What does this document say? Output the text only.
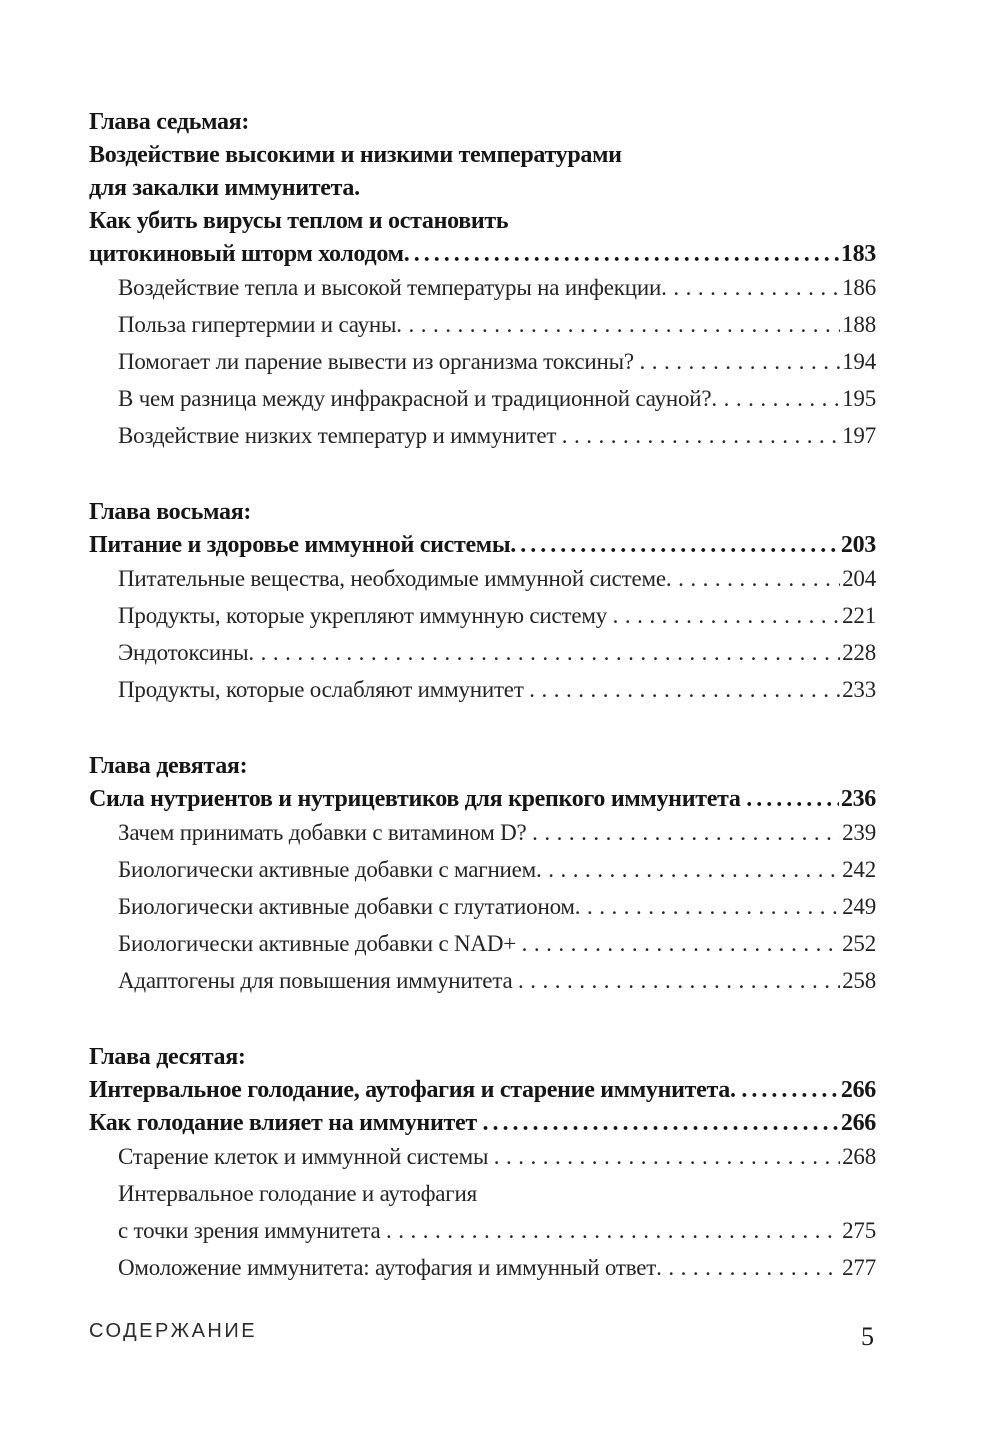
Глава седьмая:
Воздействие высокими и низкими температурами
для закалки иммунитета.
Как убить вирусы теплом и остановить
цитокиновый шторм холодом .....	183
Воздействие тепла и высокой температуры на инфекции .....	186
Польза гипертермии и сауны .....	188
Помогает ли парение вывести из организма токсины? .....	194
В чем разница между инфракрасной и традиционной сауной? .....	195
Воздействие низких температур и иммунитет .....	197
Глава восьмая:
Питание и здоровье иммунной системы .....	203
Питательные вещества, необходимые иммунной системе .....	204
Продукты, которые укрепляют иммунную систему .....	221
Эндотоксины .....	228
Продукты, которые ослабляют иммунитет .....	233
Глава девятая:
Сила нутриентов и нутрицевтиков для крепкого иммунитета .....	236
Зачем принимать добавки с витамином D? .....	239
Биологически активные добавки с магнием .....	242
Биологически активные добавки с глутатионом .....	249
Биологически активные добавки с NAD+ .....	252
Адаптогены для повышения иммунитета .....	258
Глава десятая:
Интервальное голодание, аутофагия и старение иммунитета. .....	266
Как голодание влияет на иммунитет .....	266
Старение клеток и иммунной системы .....	268
Интервальное голодание и аутофагия
с точки зрения иммунитета .....	275
Омоложение иммунитета: аутофагия и иммунный ответ .....	277
СОДЕРЖАНИЕ	5
